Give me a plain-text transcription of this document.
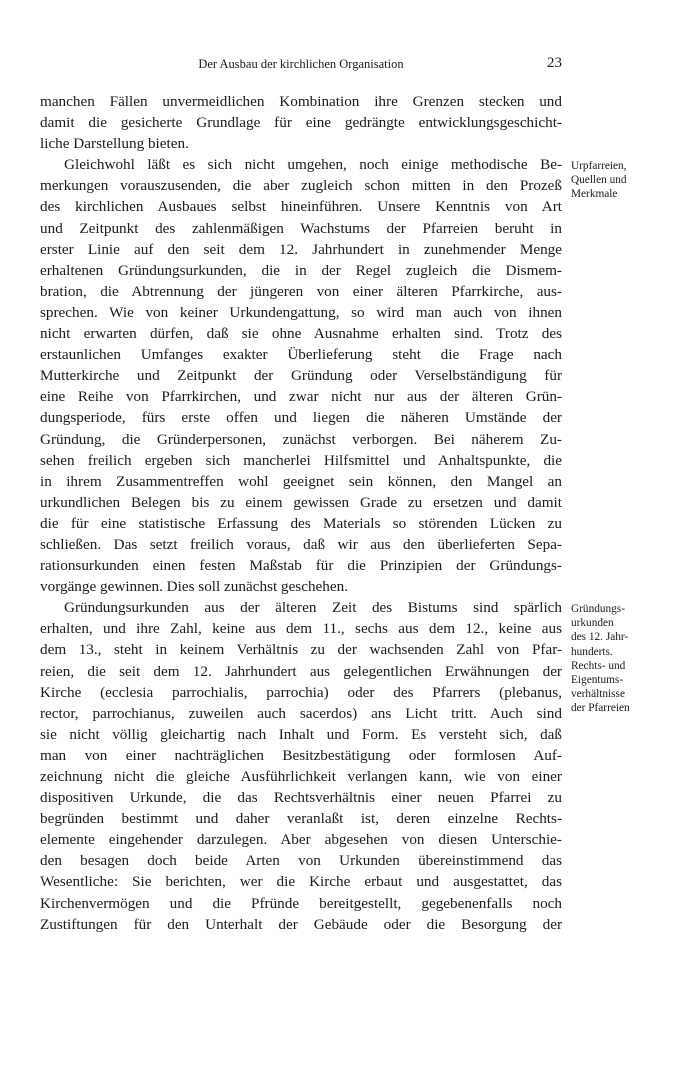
Der Ausbau der kirchlichen Organisation	23
manchen Fällen unvermeidlichen Kombination ihre Grenzen stecken und
damit die gesicherte Grundlage für eine gedrängte entwicklungsgeschicht-
liche Darstellung bieten.
Gleichwohl läßt es sich nicht umgehen, noch einige methodische Be-
merkungen vorauszusenden, die aber zugleich schon mitten in den Prozeß
des kirchlichen Ausbaues selbst hineinführen. Unsere Kenntnis von Art
und Zeitpunkt des zahlenmäßigen Wachstums der Pfarreien beruht in
erster Linie auf den seit dem 12. Jahrhundert in zunehmender Menge
erhaltenen Gründungsurkunden, die in der Regel zugleich die Dismem-
bration, die Abtrennung der jüngeren von einer älteren Pfarrkirche, aus-
sprechen. Wie von keiner Urkundengattung, so wird man auch von ihnen
nicht erwarten dürfen, daß sie ohne Ausnahme erhalten sind. Trotz des
erstaunlichen Umfanges exakter Überlieferung steht die Frage nach
Mutterkirche und Zeitpunkt der Gründung oder Verselbständigung für
eine Reihe von Pfarrkirchen, und zwar nicht nur aus der älteren Grün-
dungsperiode, fürs erste offen und liegen die näheren Umstände der
Gründung, die Gründerpersonen, zunächst verborgen. Bei näherem Zu-
sehen freilich ergeben sich mancherlei Hilfsmittel und Anhaltspunkte, die
in ihrem Zusammentreffen wohl geeignet sein können, den Mangel an
urkundlichen Belegen bis zu einem gewissen Grade zu ersetzen und damit
die für eine statistische Erfassung des Materials so störenden Lücken zu
schließen. Das setzt freilich voraus, daß wir aus den überlieferten Sepa-
rationsurkunden einen festen Maßstab für die Prinzipien der Gründungs-
vorgänge gewinnen. Dies soll zunächst geschehen.
Gründungsurkunden aus der älteren Zeit des Bistums sind spärlich
erhalten, und ihre Zahl, keine aus dem 11., sechs aus dem 12., keine aus
dem 13., steht in keinem Verhältnis zu der wachsenden Zahl von Pfar-
reien, die seit dem 12. Jahrhundert aus gelegentlichen Erwähnungen der
Kirche (ecclesia parrochialis, parrochia) oder des Pfarrers (plebanus,
rector, parrochianus, zuweilen auch sacerdos) ans Licht tritt. Auch sind
sie nicht völlig gleichartig nach Inhalt und Form. Es versteht sich, daß
man von einer nachträglichen Besitzbestätigung oder formlosen Auf-
zeichnung nicht die gleiche Ausführlichkeit verlangen kann, wie von einer
dispositiven Urkunde, die das Rechtsverhältnis einer neuen Pfarrei zu
begründen bestimmt und daher veranlaßt ist, deren einzelne Rechts-
elemente eingehender darzulegen. Aber abgesehen von diesen Unterschie-
den besagen doch beide Arten von Urkunden übereinstimmend das
Wesentliche: Sie berichten, wer die Kirche erbaut und ausgestattet, das
Kirchenvermögen und die Pfründe bereitgestellt, gegebenenfalls noch
Zustiftungen für den Unterhalt der Gebäude oder die Besorgung der
Urpfarreien,
Quellen und
Merkmale
Gründungs-
urkunden
des 12. Jahr-
hunderts.
Rechts- und
Eigentums-
verhältnisse
der Pfarreien
